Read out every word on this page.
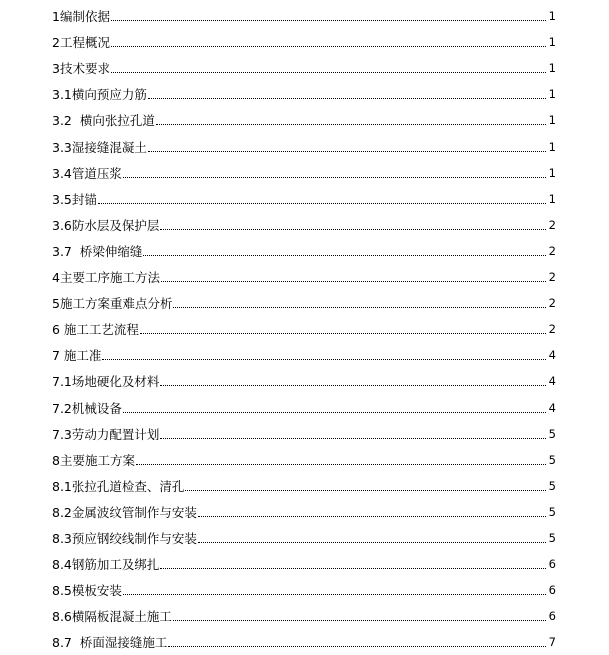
1编制依据	1
2工程概况	1
3技术要求	1
3.1横向预应力筋	1
3.2  横向张拉孔道	1
3.3湿接缝混凝土	1
3.4管道压浆	1
3.5封锚	1
3.6防水层及保护层	2
3.7  桥梁伸缩缝	2
4主要工序施工方法	2
5施工方案重难点分析	2
6 施工工艺流程	2
7 施工准	4
7.1场地硬化及材料	4
7.2机械设备	4
7.3劳动力配置计划	5
8主要施工方案	5
8.1张拉孔道检查、清孔	5
8.2金属波纹管制作与安装	5
8.3预应钢绞线制作与安装	5
8.4钢筋加工及绑扎	6
8.5模板安装	6
8.6横隔板混凝土施工	6
8.7  桥面湿接缝施工	7
